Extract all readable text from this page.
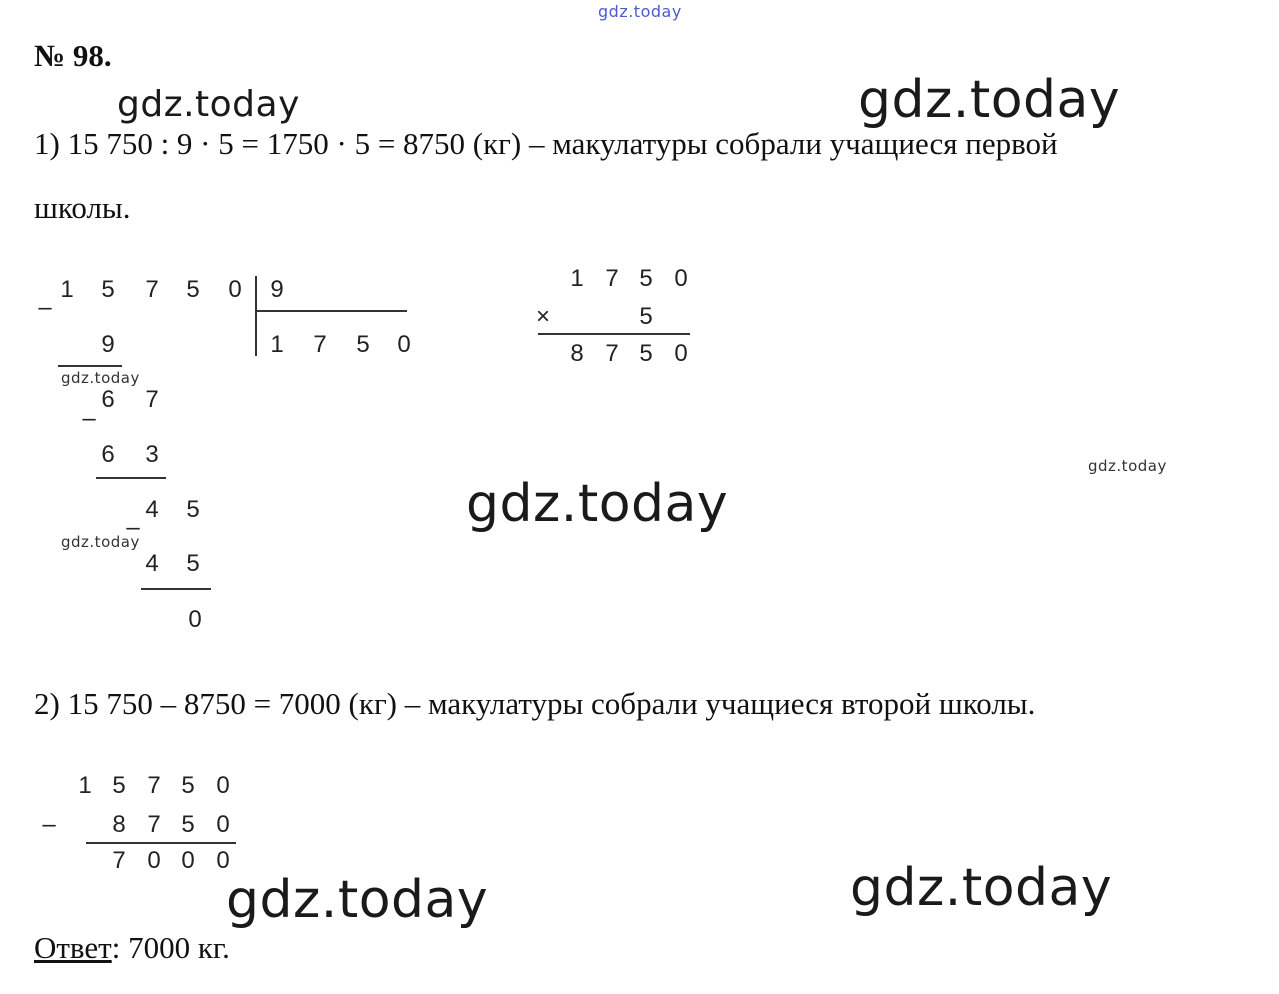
gdz.today
gdz.today	gdz.today
gdz.today
gdz.today
gdz.today
gdz.today
gdz.today	gdz.today
№ 98.
1) 15 750 : 9 · 5 = 1750 · 5 = 8750 (кг) – макулатуры собрали учащиеся первой
школы.
–
1 5 7 5 0 9
1 7 5 0
9
6 7
–
6 3
4 5
–
4 5
0
1 7 5 0
×	5
8 7 5 0
2) 15 750 – 8750 = 7000 (кг) – макулатуры собрали учащиеся второй школы.
1 5 7 5 0
– 8 7 5 0
7 0 0 0
Ответ: 7000 кг.
